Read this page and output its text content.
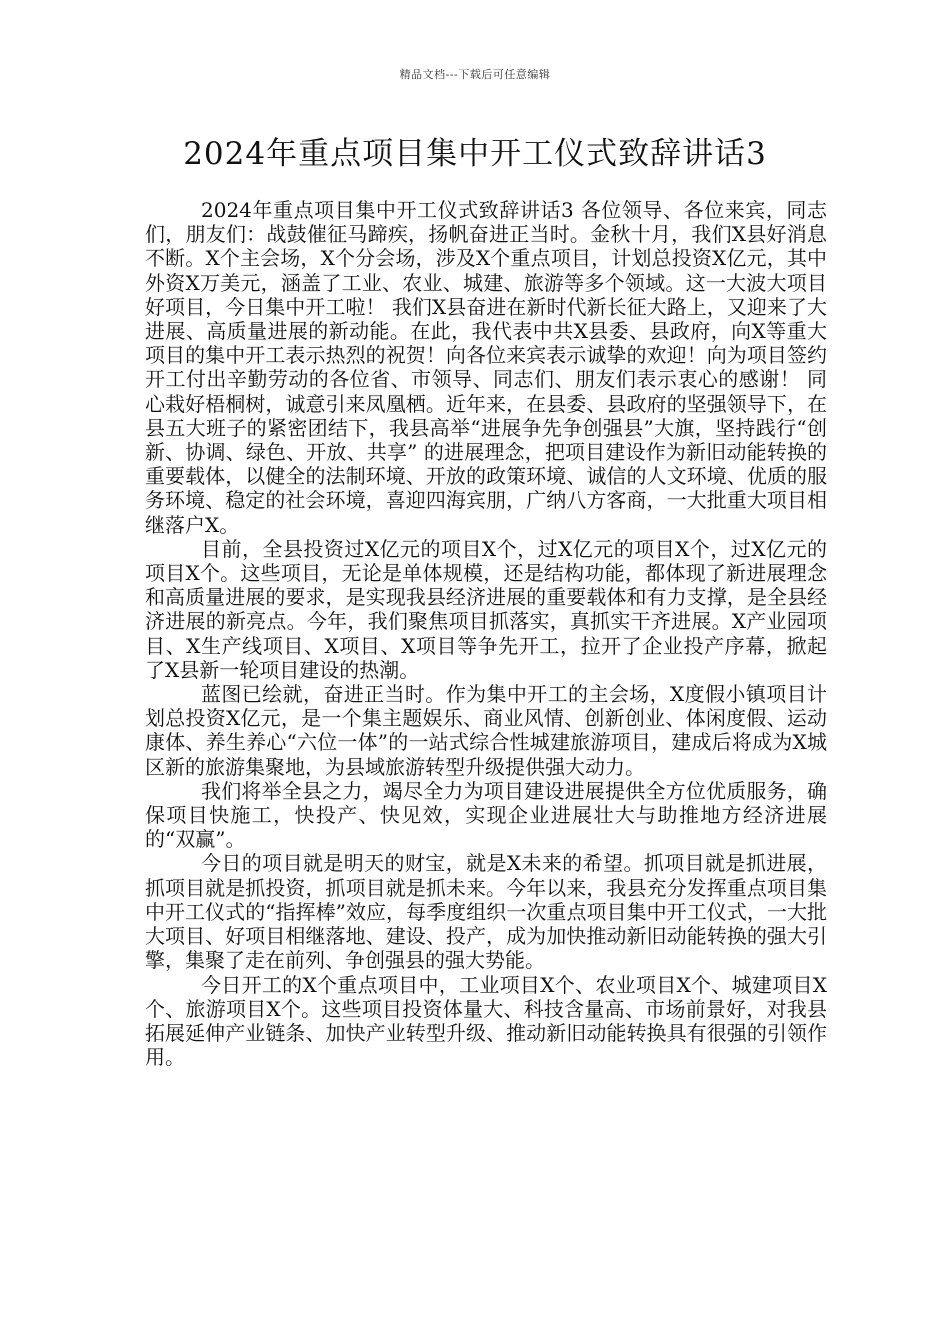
精品文档---下载后可任意编辑
2024年重点项目集中开工仪式致辞讲话3

2024年重点项目集中开工仪式致辞讲话3 各位领导、各位来宾，同志们，朋友们：战鼓催征马蹄疾，扬帆奋进正当时。金秋十月，我们X县好消息不断。X个主会场，X个分会场，涉及X个重点项目，计划总投资X亿元，其中外资X万美元，涵盖了工业、农业、城建、旅游等多个领域。这一大波大项目好项目，今日集中开工啦！ 我们X县奋进在新时代新长征大路上，又迎来了大进展、高质量进展的新动能。在此，我代表中共X县委、县政府，向X等重大项目的集中开工表示热烈的祝贺！向各位来宾表示诚挚的欢迎！向为项目签约开工付出辛勤劳动的各位省、市领导、同志们、朋友们表示衷心的感谢！ 同心栽好梧桐树，诚意引来凤凰栖。近年来，在县委、县政府的坚强领导下，在县五大班子的紧密团结下，我县高举“进展争先争创强县”大旗，坚持践行“创新、协调、绿色、开放、共享” 的进展理念，把项目建设作为新旧动能转换的重要载体，以健全的法制环境、开放的政策环境、诚信的人文环境、优质的服务环境、稳定的社会环境，喜迎四海宾朋，广纳八方客商，一大批重大项目相继落户X。

目前，全县投资过X亿元的项目X个，过X亿元的项目X个，过X亿元的项目X个。这些项目，无论是单体规模，还是结构功能，都体现了新进展理念和高质量进展的要求，是实现我县经济进展的重要载体和有力支撑，是全县经济进展的新亮点。今年，我们聚焦项目抓落实，真抓实干齐进展。X产业园项目、X生产线项目、X项目、X项目等争先开工，拉开了企业投产序幕，掀起了X县新一轮项目建设的热潮。

蓝图已绘就，奋进正当时。作为集中开工的主会场，X度假小镇项目计划总投资X亿元，是一个集主题娱乐、商业风情、创新创业、体闲度假、运动康体、养生养心“六位一体”的一站式综合性城建旅游项目，建成后将成为X城区新的旅游集聚地，为县域旅游转型升级提供强大动力。

我们将举全县之力，竭尽全力为项目建设进展提供全方位优质服务，确保项目快施工，快投产、快见效，实现企业进展壮大与助推地方经济进展的“双赢”。

今日的项目就是明天的财宝，就是X未来的希望。抓项目就是抓进展，抓项目就是抓投资，抓项目就是抓未来。今年以来，我县充分发挥重点项目集中开工仪式的“指挥棒”效应，每季度组织一次重点项目集中开工仪式，一大批大项目、好项目相继落地、建设、投产，成为加快推动新旧动能转换的强大引擎，集聚了走在前列、争创强县的强大势能。

今日开工的X个重点项目中，工业项目X个、农业项目X个、城建项目X个、旅游项目X个。这些项目投资体量大、科技含量高、市场前景好，对我县拓展延伸产业链条、加快产业转型升级、推动新旧动能转换具有很强的引领作用。
